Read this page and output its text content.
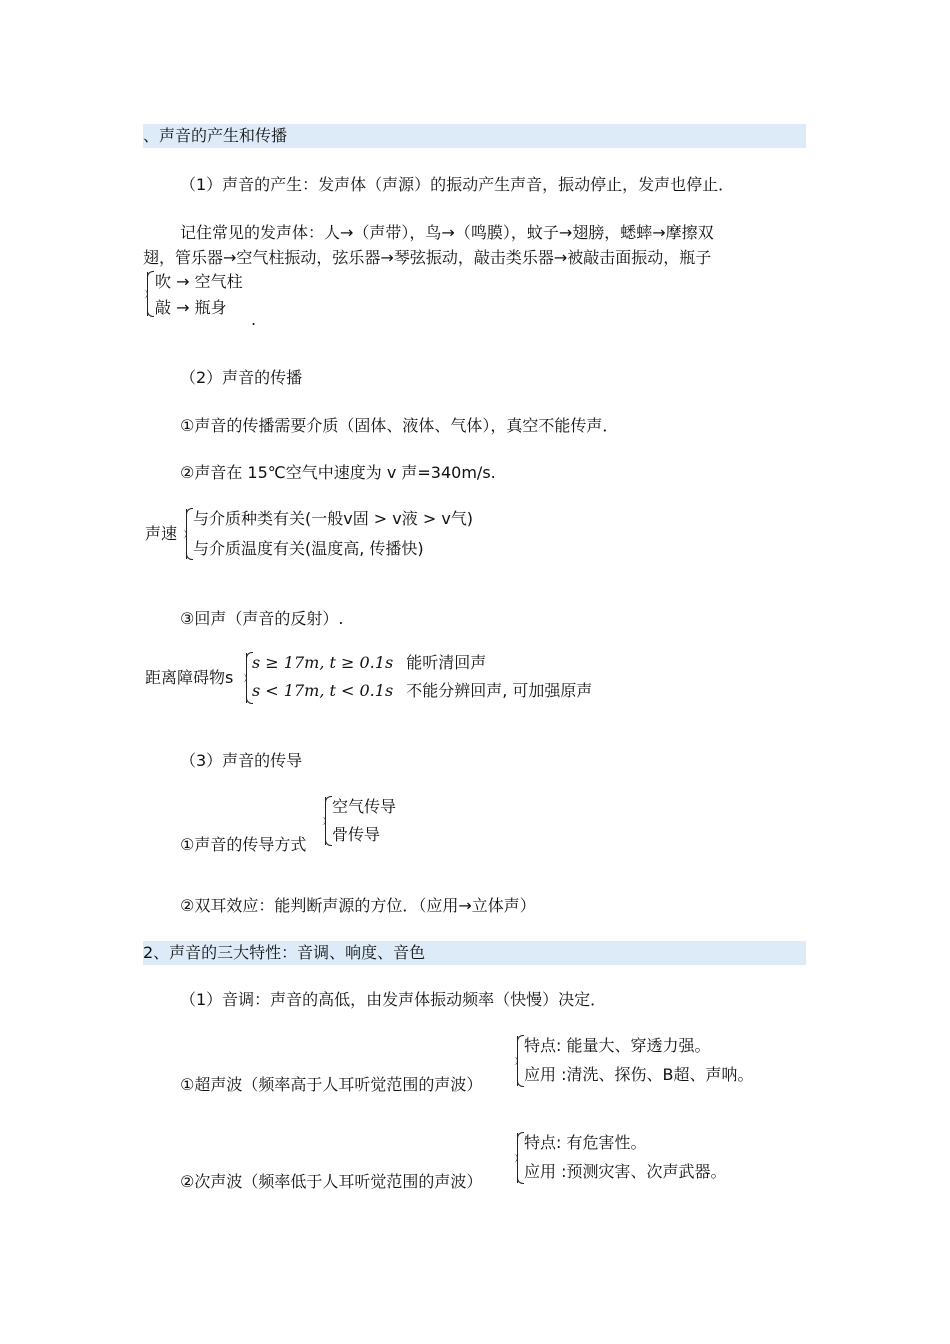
、声音的产生和传播
（1）声音的产生：发声体（声源）的振动产生声音，振动停止，发声也停止．
记住常见的发声体：人→（声带），鸟→（鸣膜），蚊子→翅膀，蟋蟀→摩擦双
翅，管乐器→空气柱振动，弦乐器→琴弦振动，敲击类乐器→被敲击面振动，瓶子
吹 → 空气柱
敲 → 瓶身
.
（2）声音的传播
①声音的传播需要介质（固体、液体、气体），真空不能传声．
②声音在 15℃空气中速度为 v 声=340m/s.
声速
与介质种类有关(一般v固 > v液 > v气)
与介质温度有关(温度高, 传播快)
③回声（声音的反射）.
距离障碍物s
s ≥ 17m, t ≥ 0.1s 能听清回声
s < 17m, t < 0.1s 不能分辨回声, 可加强原声
（3）声音的传导
空气传导
骨传导
①声音的传导方式
②双耳效应：能判断声源的方位．（应用→立体声）
2、声音的三大特性：音调、响度、音色
（1）音调：声音的高低，由发声体振动频率（快慢）决定．
特点: 能量大、穿透力强。
应用 :清洗、探伤、B超、声呐。
①超声波（频率高于人耳听觉范围的声波）
特点: 有危害性。
应用 :预测灾害、次声武器。
②次声波（频率低于人耳听觉范围的声波）
